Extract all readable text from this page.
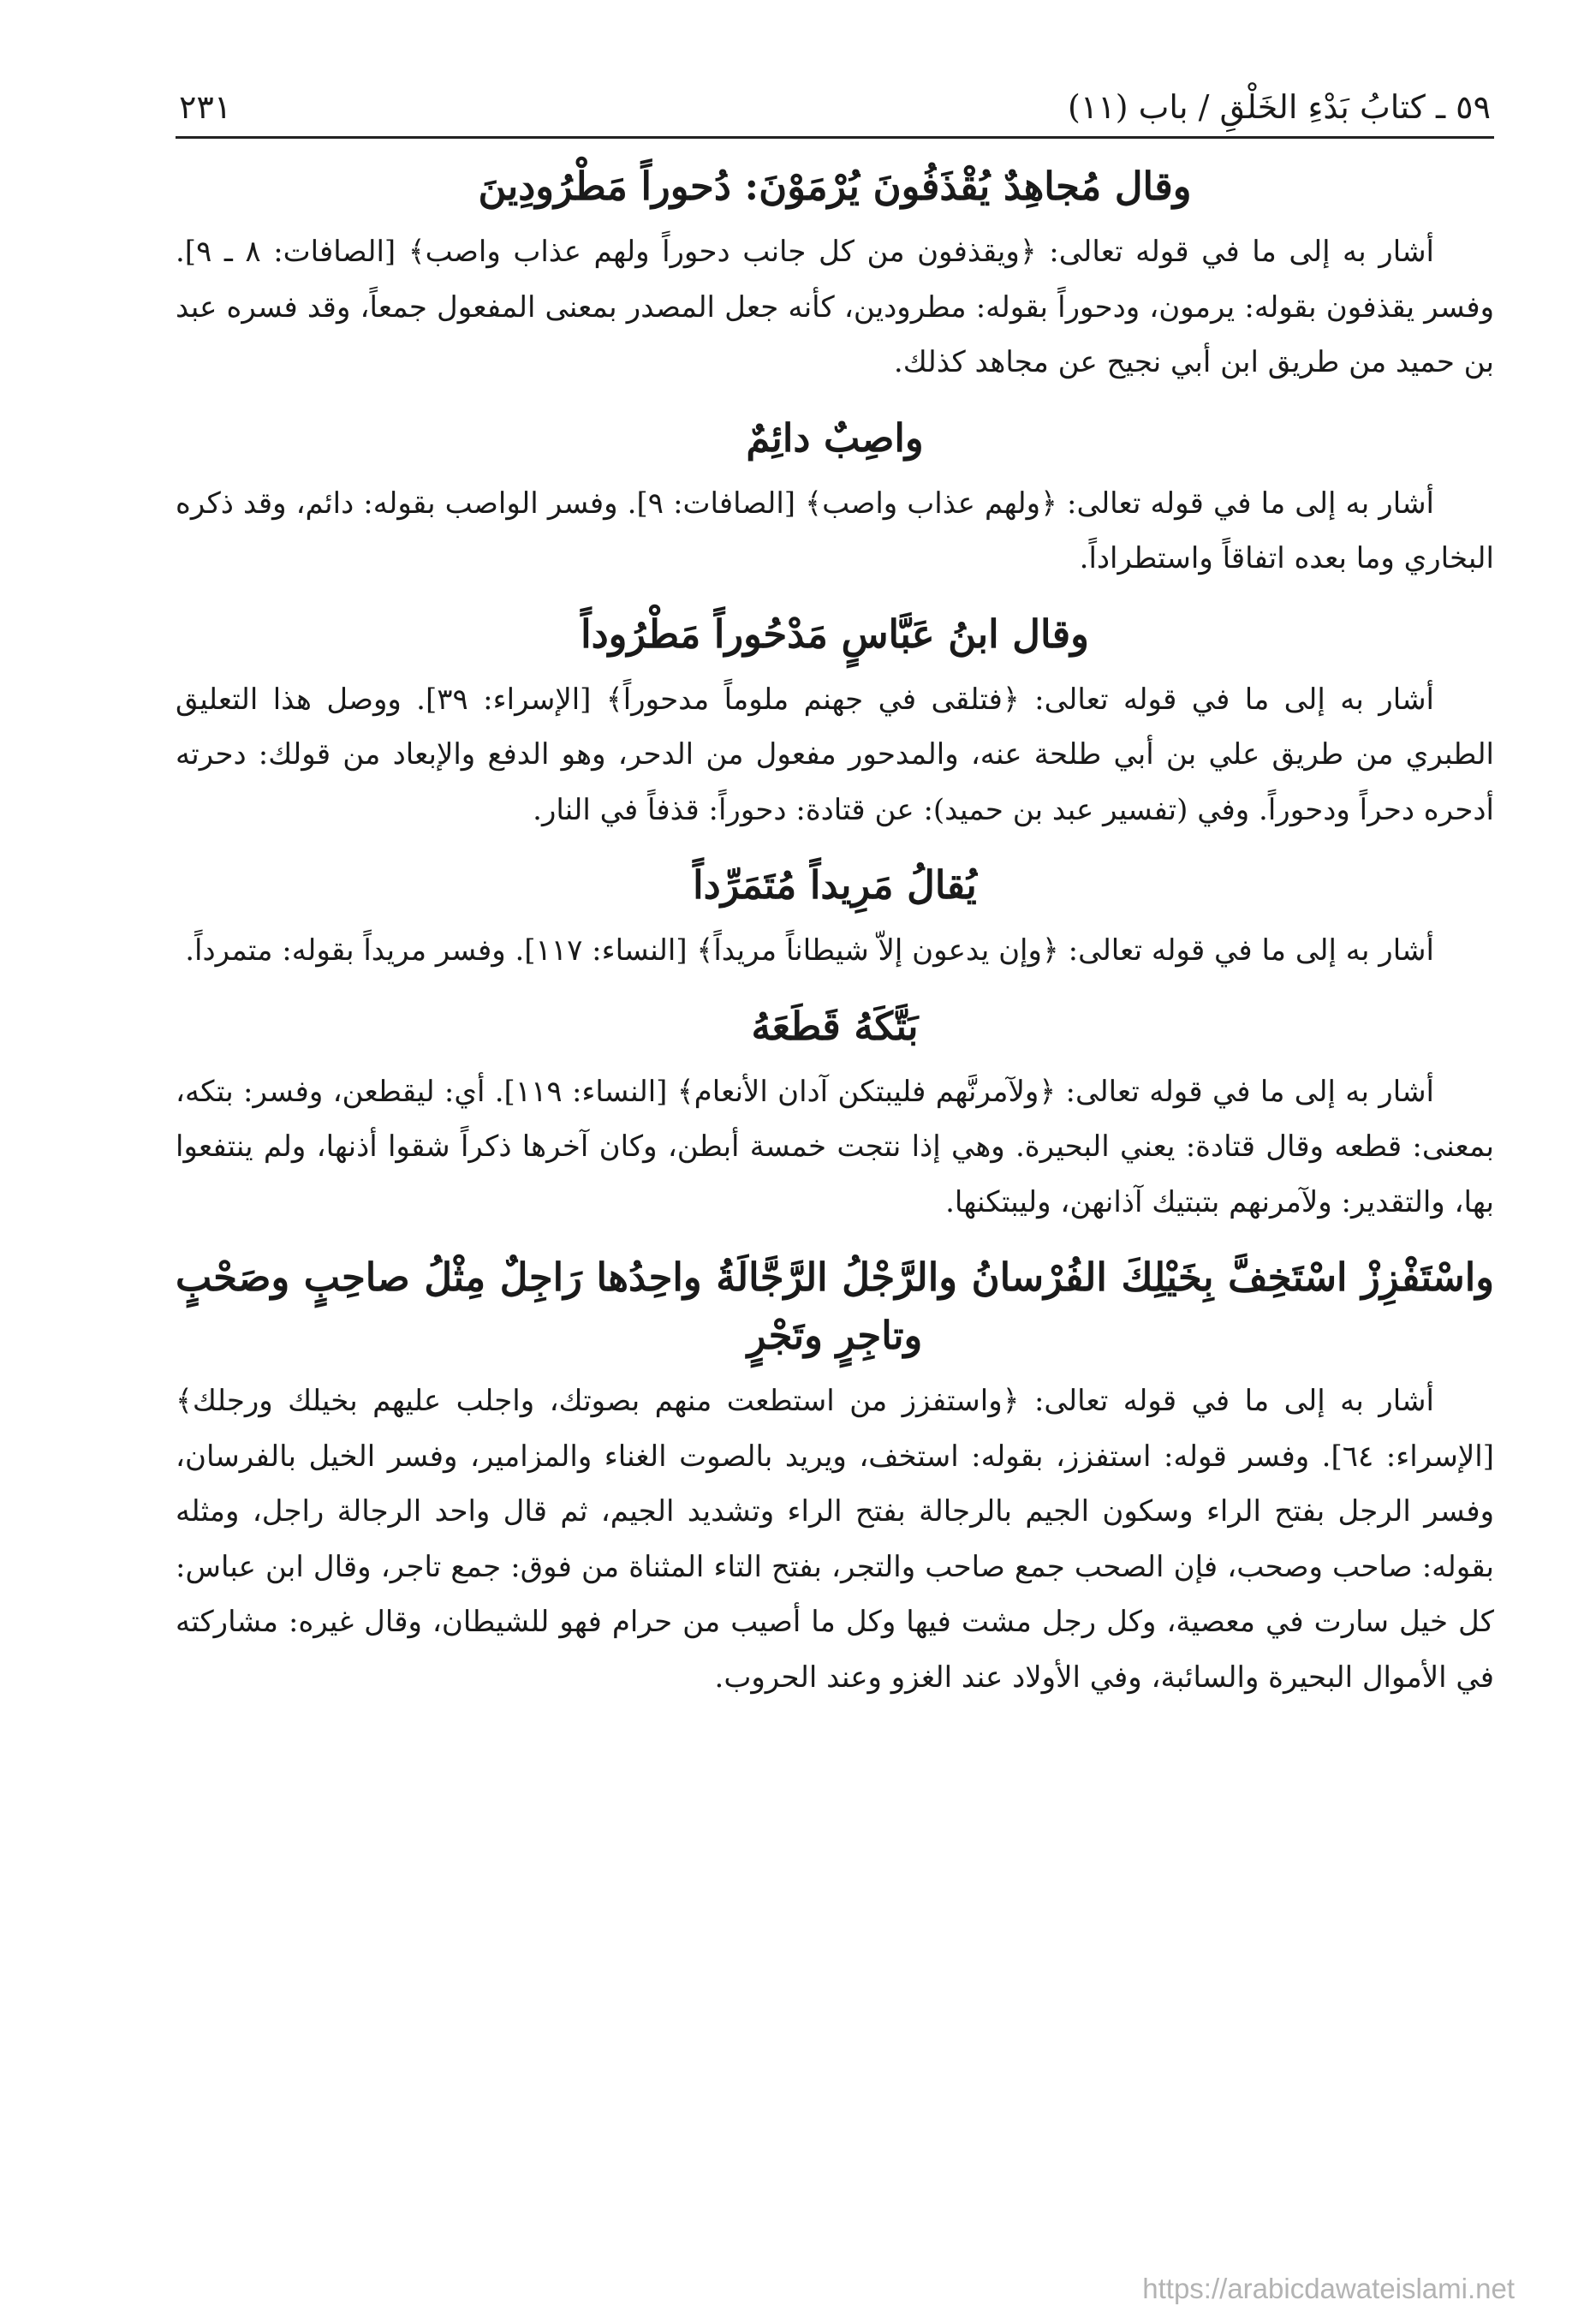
٥٩ ـ كتابُ بَدْءِ الخَلْقِ / باب (١١)
٢٣١
وقال مُجاهِدٌ يُقْذَفُونَ يُرْمَوْنَ: دُحوراً مَطْرُودِينَ

أشار به إلى ما في قوله تعالى: ﴿ويقذفون من كل جانب دحوراً ولهم عذاب واصب﴾ [الصافات: ٨ ـ ٩]. وفسر يقذفون بقوله: يرمون، ودحوراً بقوله: مطرودين، كأنه جعل المصدر بمعنى المفعول جمعاً، وقد فسره عبد بن حميد من طريق ابن أبي نجيح عن مجاهد كذلك.

واصِبٌ دائِمٌ

أشار به إلى ما في قوله تعالى: ﴿ولهم عذاب واصب﴾ [الصافات: ٩]. وفسر الواصب بقوله: دائم، وقد ذكره البخاري وما بعده اتفاقاً واستطراداً.

وقال ابنُ عَبَّاسٍ مَدْحُوراً مَطْرُوداً

أشار به إلى ما في قوله تعالى: ﴿فتلقى في جهنم ملوماً مدحوراً﴾ [الإسراء: ٣٩]. ووصل هذا التعليق الطبري من طريق علي بن أبي طلحة عنه، والمدحور مفعول من الدحر، وهو الدفع والإبعاد من قولك: دحرته أدحره دحراً ودحوراً. وفي (تفسير عبد بن حميد): عن قتادة: دحوراً: قذفاً في النار.

يُقالُ مَرِيداً مُتَمَرِّداً

أشار به إلى ما في قوله تعالى: ﴿وإن يدعون إلاّ شيطاناً مريداً﴾ [النساء: ١١٧]. وفسر مريداً بقوله: متمرداً.

بَتَّكَهُ قَطَعَهُ

أشار به إلى ما في قوله تعالى: ﴿ولآمرنَّهم فليبتكن آدان الأنعام﴾ [النساء: ١١٩]. أي: ليقطعن، وفسر: بتكه، بمعنى: قطعه وقال قتادة: يعني البحيرة. وهي إذا نتجت خمسة أبطن، وكان آخرها ذكراً شقوا أذنها، ولم ينتفعوا بها، والتقدير: ولآمرنهم بتبتيك آذانهن، وليبتكنها.

واسْتَفْزِزْ اسْتَخِفَّ بِخَيْلِكَ الفُرْسانُ والرَّجْلُ الرَّجَّالَةُ واحِدُها رَاجِلٌ مِثْلُ صاحِبٍ وصَحْبٍ وتاجِرٍ وتَجْرٍ

أشار به إلى ما في قوله تعالى: ﴿واستفزز من استطعت منهم بصوتك، واجلب عليهم بخيلك ورجلك﴾ [الإسراء: ٦٤]. وفسر قوله: استفزز، بقوله: استخف، ويريد بالصوت الغناء والمزامير، وفسر الخيل بالفرسان، وفسر الرجل بفتح الراء وسكون الجيم بالرجالة بفتح الراء وتشديد الجيم، ثم قال واحد الرجالة راجل، ومثله بقوله: صاحب وصحب، فإن الصحب جمع صاحب والتجر، بفتح التاء المثناة من فوق: جمع تاجر، وقال ابن عباس: كل خيل سارت في معصية، وكل رجل مشت فيها وكل ما أصيب من حرام فهو للشيطان، وقال غيره: مشاركته في الأموال البحيرة والسائبة، وفي الأولاد عند الغزو وعند الحروب.

https://arabicdawateislami.net
